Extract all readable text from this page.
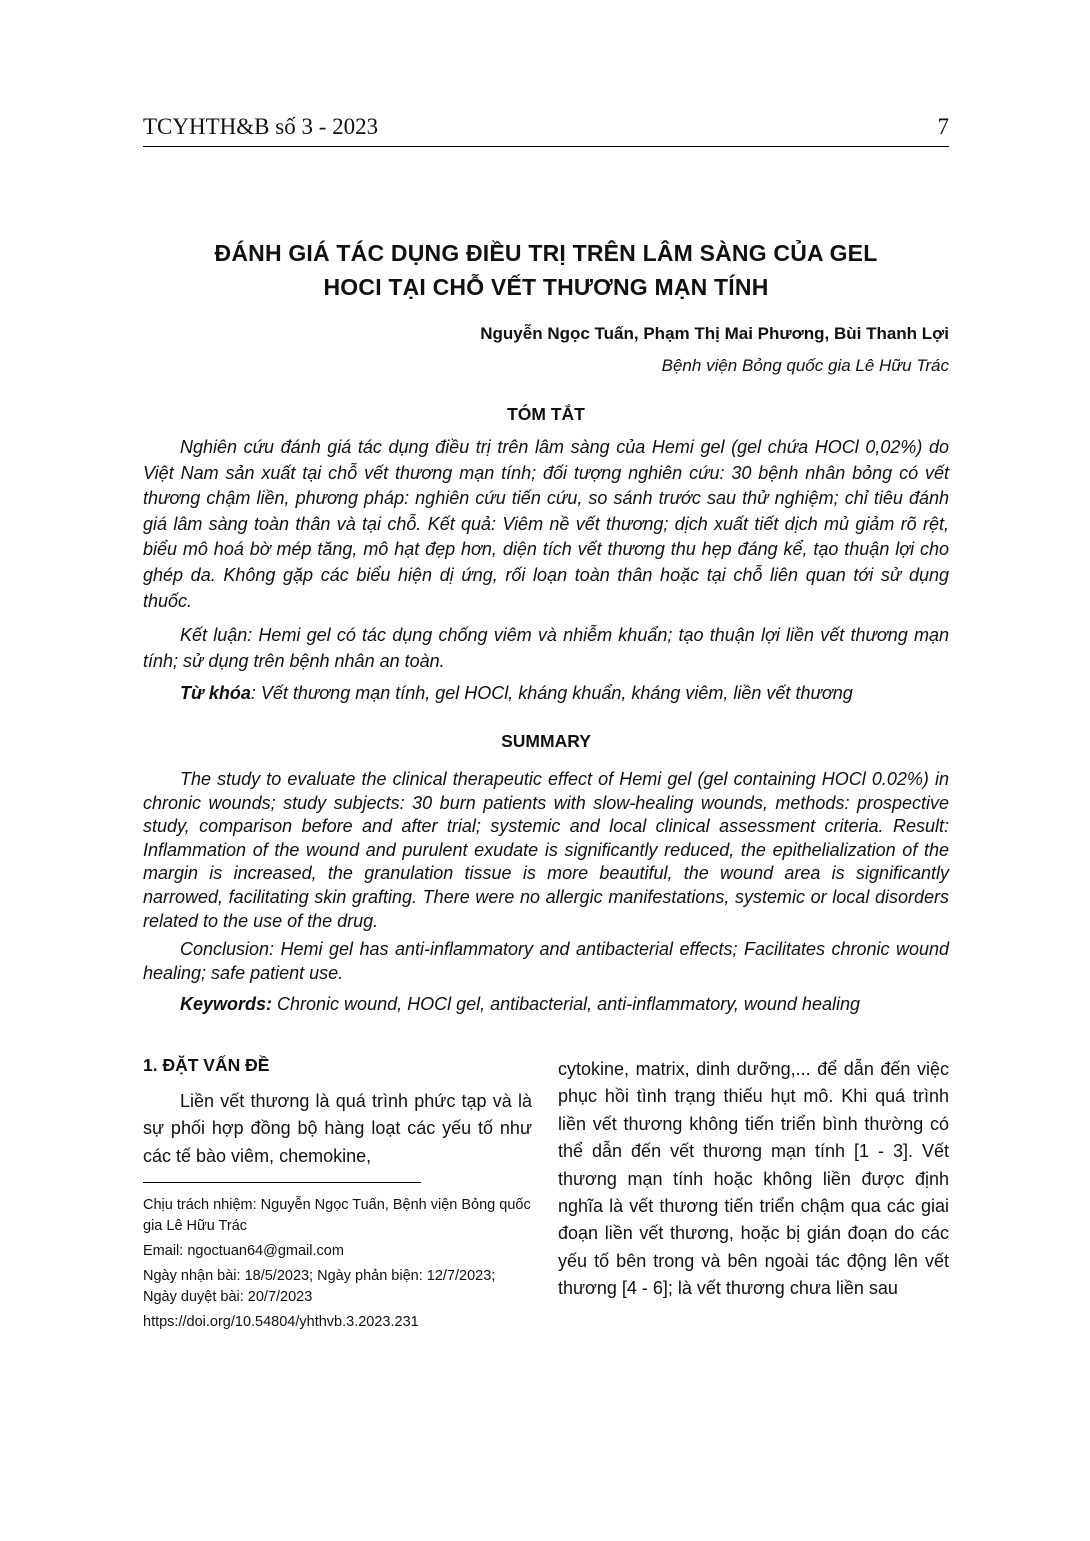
TCYHTH&B số 3 - 2023	7
ĐÁNH GIÁ TÁC DỤNG ĐIỀU TRỊ TRÊN LÂM SÀNG CỦA GEL
HOCI TẠI CHỖ VẾT THƯƠNG MẠN TÍNH
Nguyễn Ngọc Tuấn, Phạm Thị Mai Phương, Bùi Thanh Lợi
Bệnh viện Bỏng quốc gia Lê Hữu Trác
TÓM TẮT

Nghiên cứu đánh giá tác dụng điều trị trên lâm sàng của Hemi gel (gel chứa HOCl 0,02%) do Việt Nam sản xuất tại chỗ vết thương mạn tính; đối tượng nghiên cứu: 30 bệnh nhân bỏng có vết thương chậm liền, phương pháp: nghiên cứu tiến cứu, so sánh trước sau thử nghiệm; chỉ tiêu đánh giá lâm sàng toàn thân và tại chỗ. Kết quả: Viêm nề vết thương; dịch xuất tiết dịch mủ giảm rõ rệt, biểu mô hoá bờ mép tăng, mô hạt đẹp hơn, diện tích vết thương thu hẹp đáng kể, tạo thuận lợi cho ghép da. Không gặp các biểu hiện dị ứng, rối loạn toàn thân hoặc tại chỗ liên quan tới sử dụng thuốc.

Kết luận: Hemi gel có tác dụng chống viêm và nhiễm khuẩn; tạo thuận lợi liền vết thương mạn tính; sử dụng trên bệnh nhân an toàn.

Từ khóa: Vết thương mạn tính, gel HOCl, kháng khuẩn, kháng viêm, liền vết thương

SUMMARY

The study to evaluate the clinical therapeutic effect of Hemi gel (gel containing HOCl 0.02%) in chronic wounds; study subjects: 30 burn patients with slow-healing wounds, methods: prospective study, comparison before and after trial; systemic and local clinical assessment criteria. Result: Inflammation of the wound and purulent exudate is significantly reduced, the epithelialization of the margin is increased, the granulation tissue is more beautiful, the wound area is significantly narrowed, facilitating skin grafting. There were no allergic manifestations, systemic or local disorders related to the use of the drug.

Conclusion: Hemi gel has anti-inflammatory and antibacterial effects; Facilitates chronic wound healing; safe patient use.

Keywords: Chronic wound, HOCl gel, antibacterial, anti-inflammatory, wound healing

1. ĐẶT VẤN ĐỀ

Liền vết thương là quá trình phức tạp và là sự phối hợp đồng bộ hàng loạt các yếu tố như các tế bào viêm, chemokine,

Chịu trách nhiệm: Nguyễn Ngọc Tuấn, Bệnh viện Bỏng quốc gia Lê Hữu Trác

Email: ngoctuan64@gmail.com

Ngày nhận bài: 18/5/2023; Ngày phản biện: 12/7/2023; Ngày duyệt bài: 20/7/2023

https://doi.org/10.54804/yhthvb.3.2023.231

cytokine, matrix, dinh dưỡng,... để dẫn đến việc phục hồi tình trạng thiếu hụt mô. Khi quá trình liền vết thương không tiến triển bình thường có thể dẫn đến vết thương mạn tính [1 - 3]. Vết thương mạn tính hoặc không liền được định nghĩa là vết thương tiến triển chậm qua các giai đoạn liền vết thương, hoặc bị gián đoạn do các yếu tố bên trong và bên ngoài tác động lên vết thương [4 - 6]; là vết thương chưa liền sau
